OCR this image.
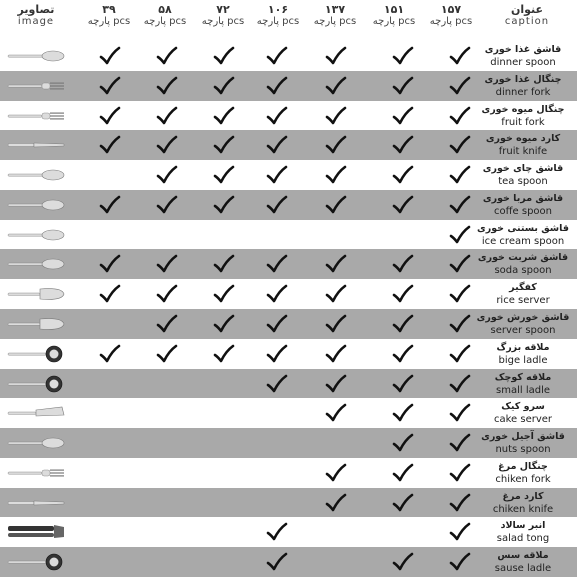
تصاویر
image
۳۹
پارچه pcs
۵۸
پارچه pcs
۷۲
پارچه pcs
۱۰۶
پارچه pcs
۱۳۷
پارچه pcs
۱۵۱
پارچه pcs
۱۵۷
پارچه pcs
عنوان
caption
قاشق غذا خوری
dinner spoon
چنگال غذا خوری
dinner fork
چنگال میوه خوری
fruit fork
کارد میوه خوری
fruit knife
قاشق چای خوری
tea spoon
قاشق مربا خوری
coffe spoon
قاشق بستنی خوری
ice cream spoon
قاشق شربت خوری
soda spoon
کفگیر
rice server
قاشق خورش خوری
server spoon
ملاقه بزرگ
bige ladle
ملاقه کوچک
small ladle
سرو کیک
cake server
قاشق آجیل خوری
nuts spoon
چنگال مرغ
chiken fork
کارد مرغ
chiken knife
انبر سالاد
salad tong
ملاقه سس
sause ladle
